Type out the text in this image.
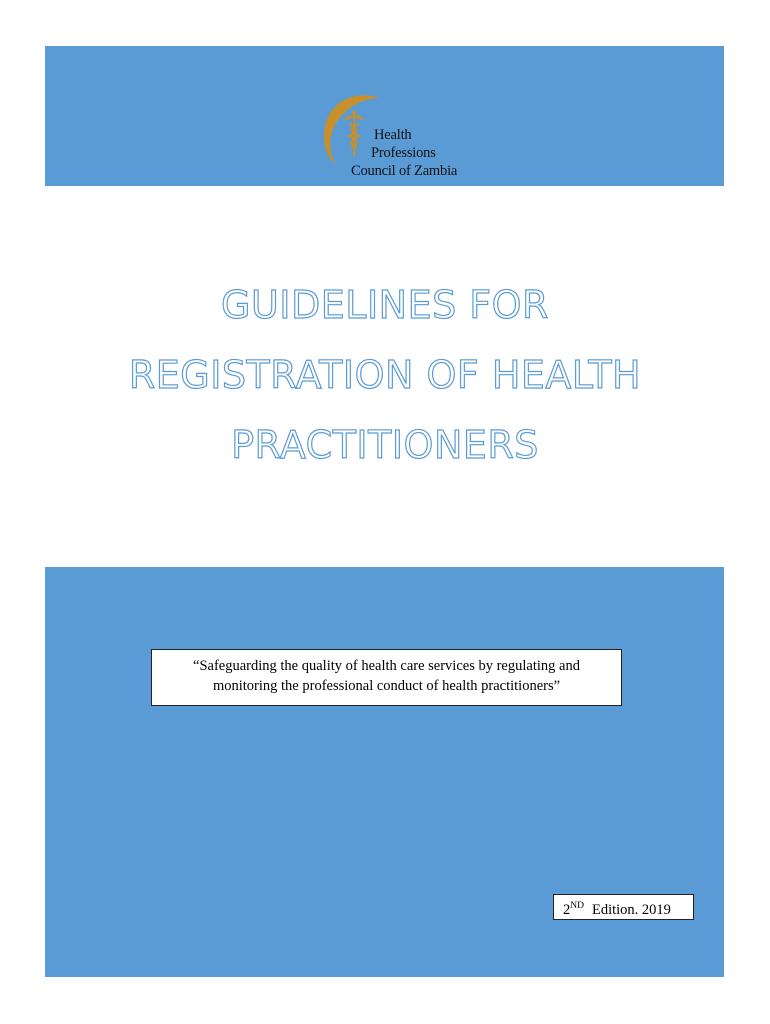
Health
Professions
Council of Zambia
GUIDELINES FOR
REGISTRATION OF HEALTH
PRACTITIONERS
“Safeguarding the quality of health care services by regulating and
monitoring the professional conduct of health practitioners”
2ND Edition. 2019
